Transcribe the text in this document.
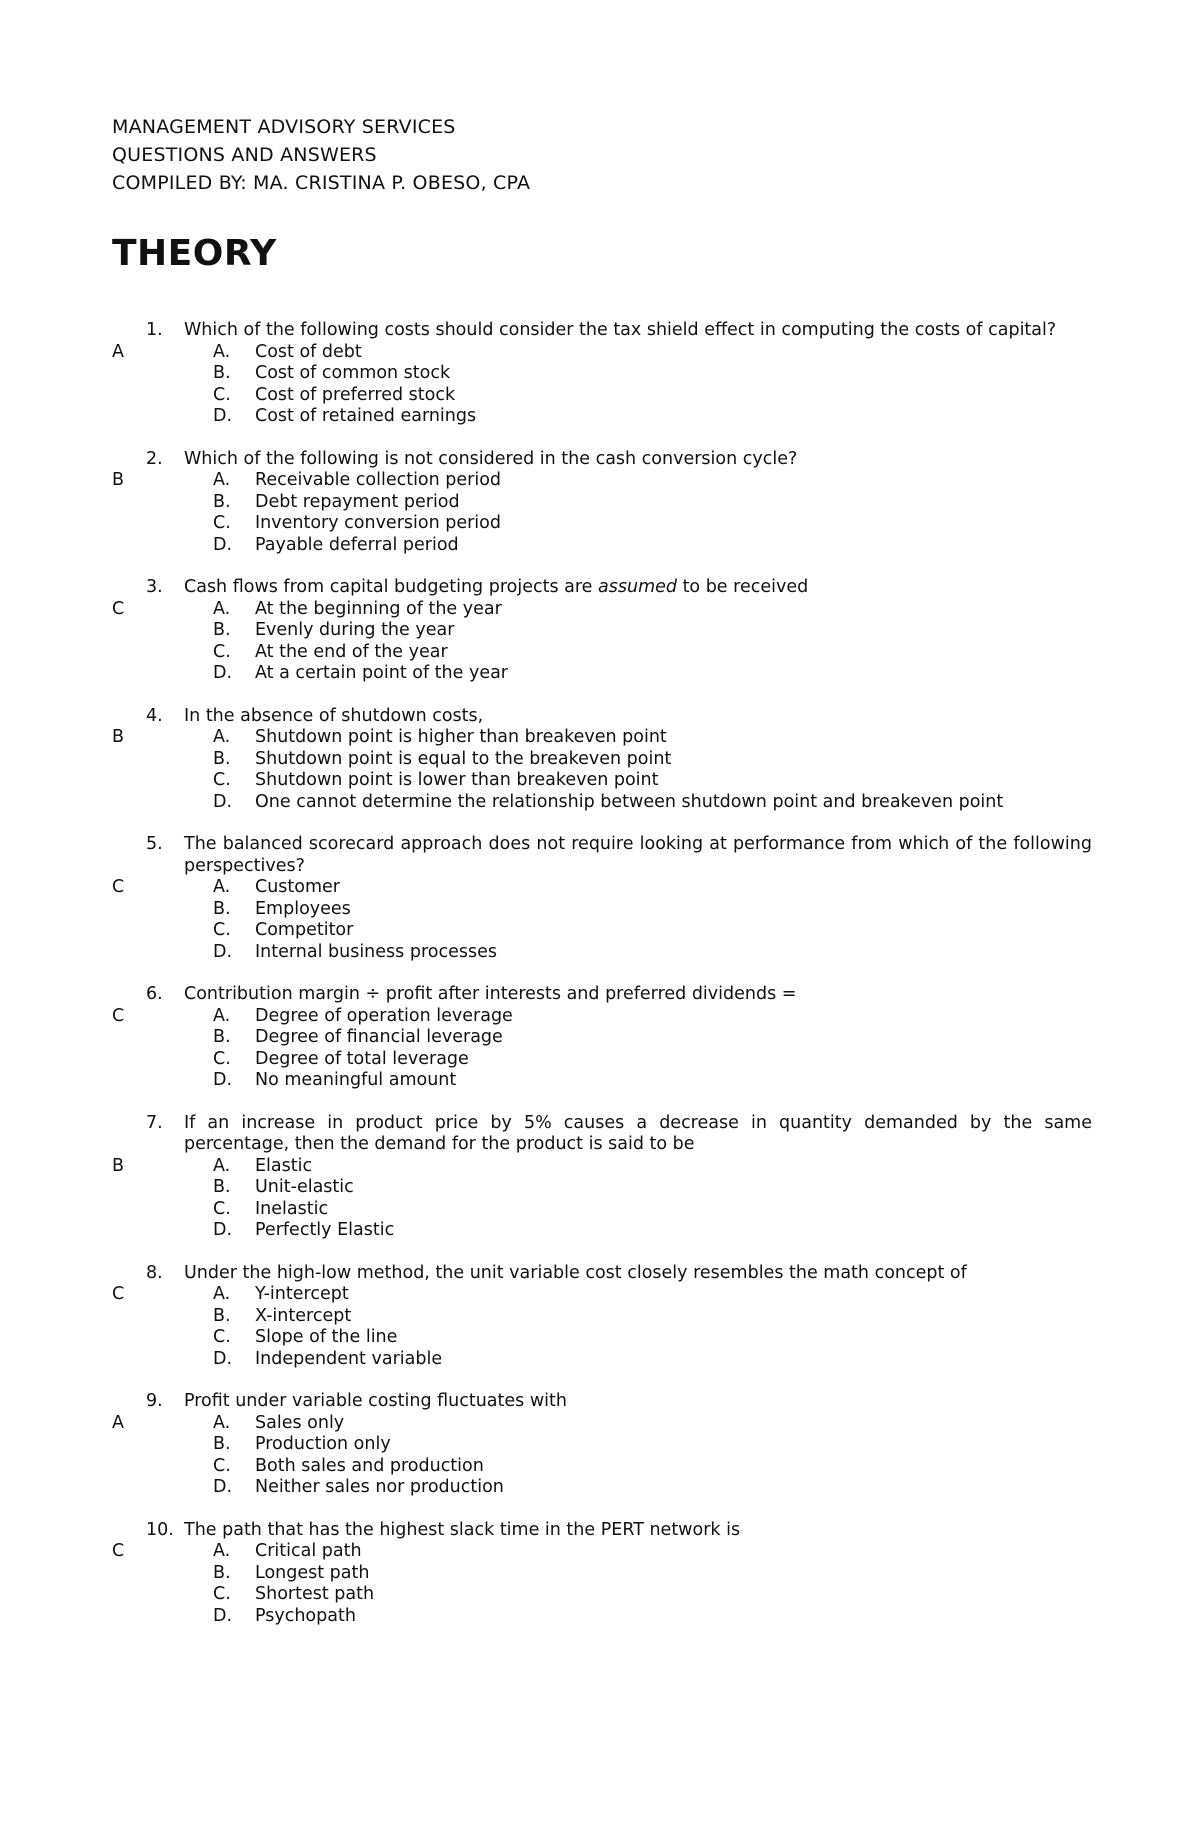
MANAGEMENT ADVISORY SERVICES
QUESTIONS AND ANSWERS
COMPILED BY: MA. CRISTINA P. OBESO, CPA
THEORY
1.	Which of the following costs should consider the tax shield effect in computing the costs of capital?
A	A. Cost of debt
B. Cost of common stock
C. Cost of preferred stock
D. Cost of retained earnings
2.	Which of the following is not considered in the cash conversion cycle?
B	A. Receivable collection period
B. Debt repayment period
C. Inventory conversion period
D. Payable deferral period
3.	Cash flows from capital budgeting projects are assumed to be received
C	A. At the beginning of the year
B. Evenly during the year
C. At the end of the year
D. At a certain point of the year
4.	In the absence of shutdown costs,
B	A. Shutdown point is higher than breakeven point
B. Shutdown point is equal to the breakeven point
C. Shutdown point is lower than breakeven point
D. One cannot determine the relationship between shutdown point and breakeven point
5.	The balanced scorecard approach does not require looking at performance from which of the following perspectives?
C	A. Customer
B. Employees
C. Competitor
D. Internal business processes
6.	Contribution margin ÷ profit after interests and preferred dividends =
C	A. Degree of operation leverage
B. Degree of financial leverage
C. Degree of total leverage
D. No meaningful amount
7.	If an increase in product price by 5% causes a decrease in quantity demanded by the same percentage, then the demand for the product is said to be
B	A. Elastic
B. Unit-elastic
C. Inelastic
D. Perfectly Elastic
8.	Under the high-low method, the unit variable cost closely resembles the math concept of
C	A. Y-intercept
B. X-intercept
C. Slope of the line
D. Independent variable
9.	Profit under variable costing fluctuates with
A	A. Sales only
B. Production only
C. Both sales and production
D. Neither sales nor production
10. The path that has the highest slack time in the PERT network is
C	A. Critical path
B. Longest path
C. Shortest path
D. Psychopath
